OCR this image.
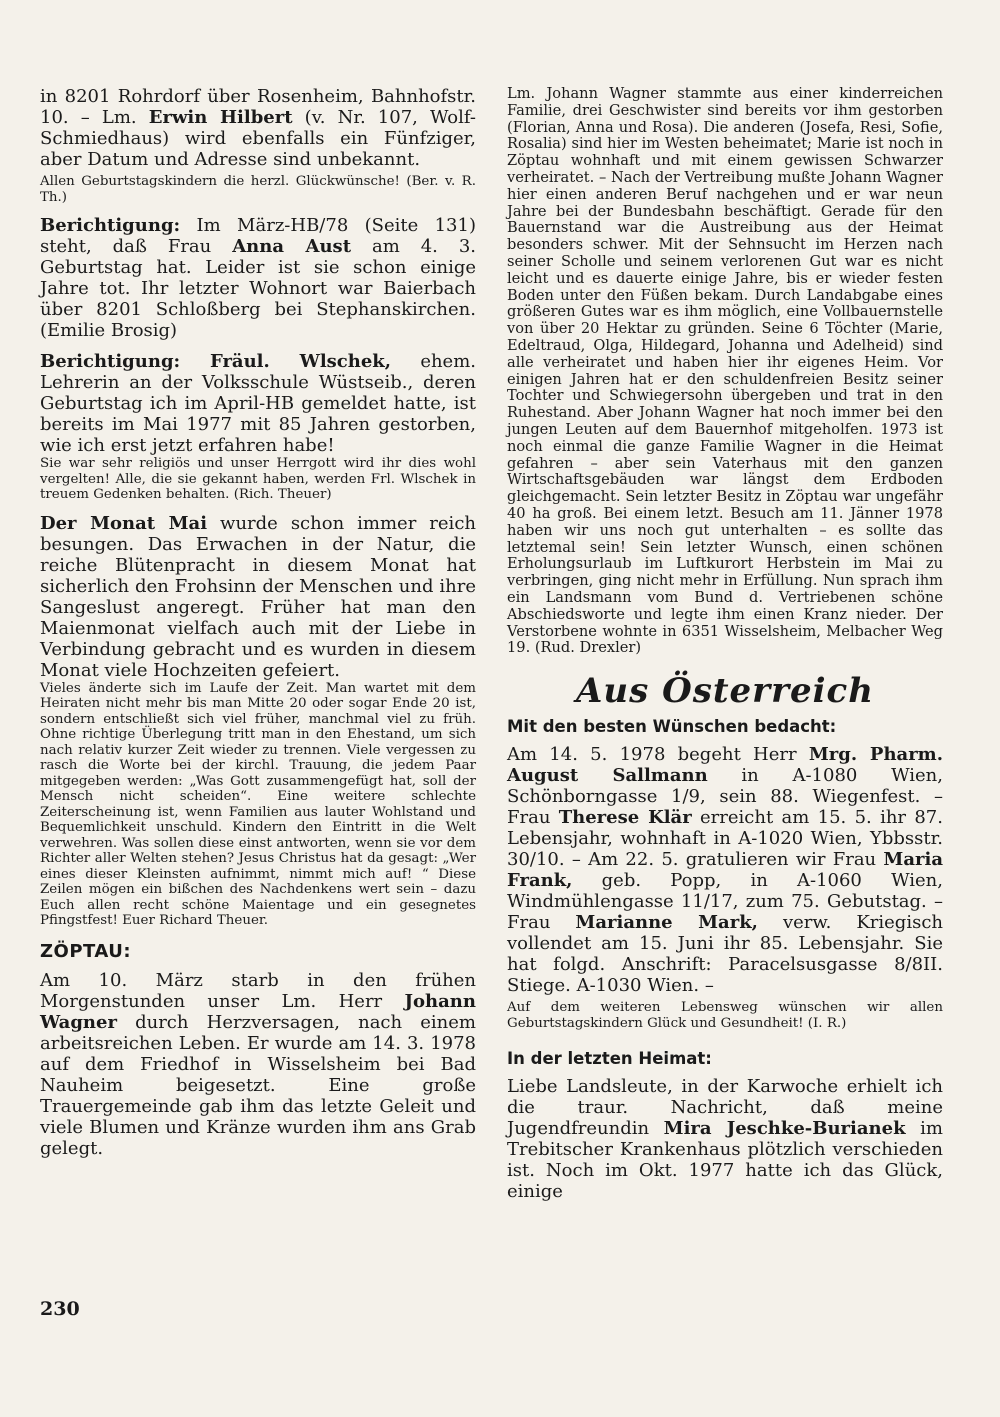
in 8201 Rohrdorf über Rosenheim, Bahnhofstr. 10. – Lm. Erwin Hilbert (v. Nr. 107, Wolf-Schmiedhaus) wird ebenfalls ein Fünfziger, aber Datum und Adresse sind unbekannt.

Allen Geburtstagskindern die herzl. Glückwünsche! (Ber. v. R. Th.)

Berichtigung: Im März-HB/78 (Seite 131) steht, daß Frau Anna Aust am 4. 3. Geburtstag hat. Leider ist sie schon einige Jahre tot. Ihr letzter Wohnort war Baierbach über 8201 Schloßberg bei Stephanskirchen. (Emilie Brosig)

Berichtigung: Fräul. Wlschek, ehem. Lehrerin an der Volksschule Wüstseib., deren Geburtstag ich im April-HB gemeldet hatte, ist bereits im Mai 1977 mit 85 Jahren gestorben, wie ich erst jetzt erfahren habe!

Sie war sehr religiös und unser Herrgott wird ihr dies wohl vergelten! Alle, die sie gekannt haben, werden Frl. Wlschek in treuem Gedenken behalten. (Rich. Theuer)

Der Monat Mai wurde schon immer reich besungen. Das Erwachen in der Natur, die reiche Blütenpracht in diesem Monat hat sicherlich den Frohsinn der Menschen und ihre Sangeslust angeregt. Früher hat man den Maienmonat vielfach auch mit der Liebe in Verbindung gebracht und es wurden in diesem Monat viele Hochzeiten gefeiert.

Vieles änderte sich im Laufe der Zeit. Man wartet mit dem Heiraten nicht mehr bis man Mitte 20 oder sogar Ende 20 ist, sondern entschließt sich viel früher, manchmal viel zu früh. Ohne richtige Überlegung tritt man in den Ehestand, um sich nach relativ kurzer Zeit wieder zu trennen. Viele vergessen zu rasch die Worte bei der kirchl. Trauung, die jedem Paar mitgegeben werden: „Was Gott zusammengefügt hat, soll der Mensch nicht scheiden“. Eine weitere schlechte Zeiterscheinung ist, wenn Familien aus lauter Wohlstand und Bequemlichkeit unschuld. Kindern den Eintritt in die Welt verwehren. Was sollen diese einst antworten, wenn sie vor dem Richter aller Welten stehen? Jesus Christus hat da gesagt: „Wer eines dieser Kleinsten aufnimmt, nimmt mich auf! “ Diese Zeilen mögen ein bißchen des Nachdenkens wert sein – dazu Euch allen recht schöne Maientage und ein gesegnetes Pfingstfest! Euer Richard Theuer.

ZÖPTAU:

Am 10. März starb in den frühen Morgenstunden unser Lm. Herr Johann Wagner durch Herzversagen, nach einem arbeitsreichen Leben. Er wurde am 14. 3. 1978 auf dem Friedhof in Wisselsheim bei Bad Nauheim beigesetzt. Eine große Trauergemeinde gab ihm das letzte Geleit und viele Blumen und Kränze wurden ihm ans Grab gelegt.

Lm. Johann Wagner stammte aus einer kinderreichen Familie, drei Geschwister sind bereits vor ihm gestorben (Florian, Anna und Rosa). Die anderen (Josefa, Resi, Sofie, Rosalia) sind hier im Westen beheimatet; Marie ist noch in Zöptau wohnhaft und mit einem gewissen Schwarzer verheiratet. – Nach der Vertreibung mußte Johann Wagner hier einen anderen Beruf nachgehen und er war neun Jahre bei der Bundesbahn beschäftigt. Gerade für den Bauernstand war die Austreibung aus der Heimat besonders schwer. Mit der Sehnsucht im Herzen nach seiner Scholle und seinem verlorenen Gut war es nicht leicht und es dauerte einige Jahre, bis er wieder festen Boden unter den Füßen bekam. Durch Landabgabe eines größeren Gutes war es ihm möglich, eine Vollbauernstelle von über 20 Hektar zu gründen. Seine 6 Töchter (Marie, Edeltraud, Olga, Hildegard, Johanna und Adelheid) sind alle verheiratet und haben hier ihr eigenes Heim. Vor einigen Jahren hat er den schuldenfreien Besitz seiner Tochter und Schwiegersohn übergeben und trat in den Ruhestand. Aber Johann Wagner hat noch immer bei den jungen Leuten auf dem Bauernhof mitgeholfen. 1973 ist noch einmal die ganze Familie Wagner in die Heimat gefahren – aber sein Vaterhaus mit den ganzen Wirtschaftsgebäuden war längst dem Erdboden gleichgemacht. Sein letzter Besitz in Zöptau war ungefähr 40 ha groß. Bei einem letzt. Besuch am 11. Jänner 1978 haben wir uns noch gut unterhalten – es sollte das letztemal sein! Sein letzter Wunsch, einen schönen Erholungsurlaub im Luftkurort Herbstein im Mai zu verbringen, ging nicht mehr in Erfüllung. Nun sprach ihm ein Landsmann vom Bund d. Vertriebenen schöne Abschiedsworte und legte ihm einen Kranz nieder. Der Verstorbene wohnte in 6351 Wisselsheim, Melbacher Weg 19. (Rud. Drexler)

Aus Österreich
Mit den besten Wünschen bedacht:

Am 14. 5. 1978 begeht Herr Mrg. Pharm. August Sallmann in A-1080 Wien, Schönborngasse 1/9, sein 88. Wiegenfest. – Frau Therese Klär erreicht am 15. 5. ihr 87. Lebensjahr, wohnhaft in A-1020 Wien, Ybbsstr. 30/10. – Am 22. 5. gratulieren wir Frau Maria Frank, geb. Popp, in A-1060 Wien, Windmühlengasse 11/17, zum 75. Gebutstag. – Frau Marianne Mark, verw. Kriegisch vollendet am 15. Juni ihr 85. Lebensjahr. Sie hat folgd. Anschrift: Paracelsusgasse 8/8II. Stiege. A-1030 Wien. –

Auf dem weiteren Lebensweg wünschen wir allen Geburtstagskindern Glück und Gesundheit! (I. R.)

In der letzten Heimat:

Liebe Landsleute, in der Karwoche erhielt ich die traur. Nachricht, daß meine Jugendfreundin Mira Jeschke-Burianek im Trebitscher Krankenhaus plötzlich verschieden ist. Noch im Okt. 1977 hatte ich das Glück, einige

230
